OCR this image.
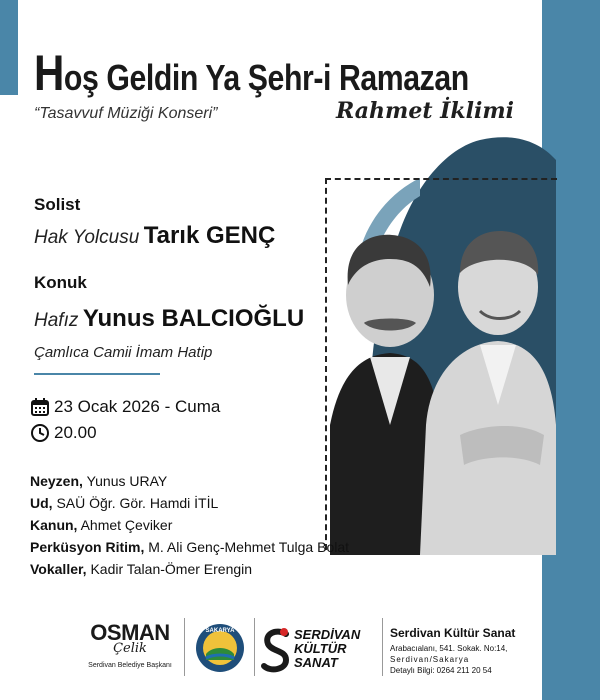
Hoş Geldin Ya Şehr-i Ramazan
“Tasavvuf Müziği Konseri”	Rahmet İklimi
Solist
Hak Yolcusu Tarık GENÇ
Konuk
Hafız Yunus BALCIOĞLU
Çamlıca Camii İmam Hatip
23 Ocak 2026 - Cuma
20.00
Neyzen, Yunus URAY
Ud, SAÜ Öğr. Gör. Hamdi İTİL
Kanun, Ahmet Çeviker
Perküsyon Ritim, M. Ali Genç-Mehmet Tulga Bolat
Vokaller, Kadir Talan-Ömer Erengin
OSMAN
Çelik
Serdivan Belediye Başkanı
SAKARYA	SERDİVAN
KÜLTÜR
SANAT
Serdivan Kültür Sanat
Arabacıalanı, 541. Sokak. No:14,
Serdivan/Sakarya
Detaylı Bilgi: 0264 211 20 54
